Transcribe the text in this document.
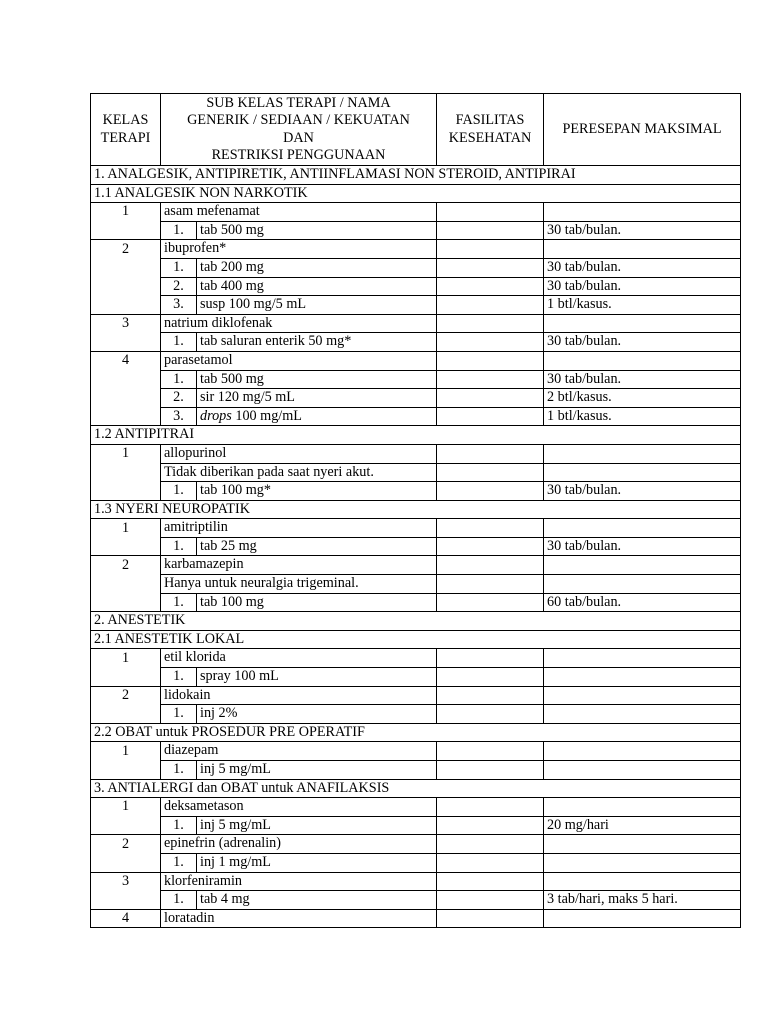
KELAS TERAPI	SUB KELAS TERAPI / NAMA
GENERIK / SEDIAAN / KEKUATAN
DAN
RESTRIKSI PENGGUNAAN		FASILITAS KESEHATAN	PERESEPAN MAKSIMAL
1. ANALGESIK, ANTIPIRETIK, ANTIINFLAMASI NON STEROID, ANTIPIRAI				
1.1 ANALGESIK NON NARKOTIK				
1	asam mefenamat			
	1.	tab 500 mg		30 tab/bulan.
2	ibuprofen*			
	1.	tab 200 mg		30 tab/bulan.
	2.	tab 400 mg		30 tab/bulan.
	3.	susp 100 mg/5 mL		1 btl/kasus.
3	natrium diklofenak			
	1.	tab saluran enterik 50 mg*		30 tab/bulan.
4	parasetamol			
	1.	tab 500 mg		30 tab/bulan.
	2.	sir 120 mg/5 mL		2 btl/kasus.
	3.	drops 100 mg/mL		1 btl/kasus.
1.2 ANTIPITRAI				
1	allopurinol			
	Tidak diberikan pada saat nyeri akut.			
	1.	tab 100 mg*		30 tab/bulan.
1.3 NYERI NEUROPATIK				
1	amitriptilin			
	1.	tab 25 mg		30 tab/bulan.
2	karbamazepin			
	Hanya untuk neuralgia trigeminal.			
	1.	tab 100 mg		60 tab/bulan.
2. ANESTETIK				
2.1 ANESTETIK LOKAL				
1	etil klorida			
	1.	spray 100 mL		
2	lidokain			
	1.	inj 2%		
2.2 OBAT untuk PROSEDUR PRE OPERATIF				
1	diazepam			
	1.	inj 5 mg/mL		
3. ANTIALERGI dan OBAT untuk ANAFILAKSIS				
1	deksametason			
	1.	inj 5 mg/mL		20 mg/hari
2	epinefrin (adrenalin)			
	1.	inj 1 mg/mL		
3	klorfeniramin			
	1.	tab 4 mg		3 tab/hari, maks 5 hari.
4	loratadin			
